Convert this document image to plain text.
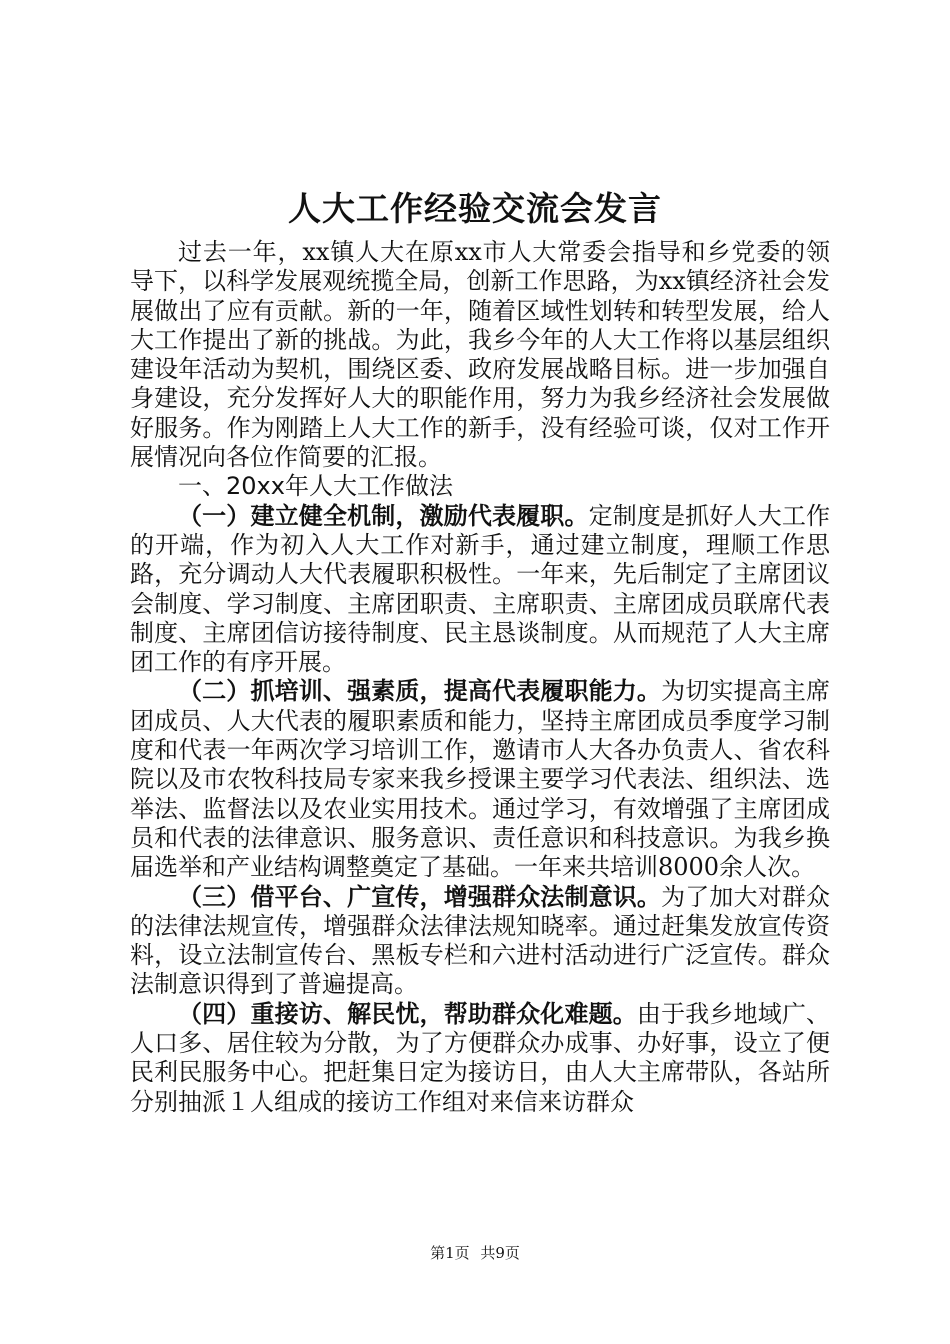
人大工作经验交流会发言

过去一年，xx镇人大在原xx市人大常委会指导和乡党委的领导下，以科学发展观统揽全局，创新工作思路，为xx镇经济社会发展做出了应有贡献。新的一年，随着区域性划转和转型发展，给人大工作提出了新的挑战。为此，我乡今年的人大工作将以基层组织建设年活动为契机，围绕区委、政府发展战略目标。进一步加强自身建设，充分发挥好人大的职能作用，努力为我乡经济社会发展做好服务。作为刚踏上人大工作的新手，没有经验可谈，仅对工作开展情况向各位作简要的汇报。

一、20xx年人大工作做法

（一）建立健全机制，激励代表履职。定制度是抓好人大工作的开端，作为初入人大工作对新手，通过建立制度，理顺工作思路，充分调动人大代表履职积极性。一年来，先后制定了主席团议会制度、学习制度、主席团职责、主席职责、主席团成员联席代表制度、主席团信访接待制度、民主恳谈制度。从而规范了人大主席团工作的有序开展。

（二）抓培训、强素质，提高代表履职能力。为切实提高主席团成员、人大代表的履职素质和能力，坚持主席团成员季度学习制度和代表一年两次学习培训工作，邀请市人大各办负责人、省农科院以及市农牧科技局专家来我乡授课主要学习代表法、组织法、选举法、监督法以及农业实用技术。通过学习，有效增强了主席团成员和代表的法律意识、服务意识、责任意识和科技意识。为我乡换届选举和产业结构调整奠定了基础。一年来共培训8000余人次。

（三）借平台、广宣传，增强群众法制意识。为了加大对群众的法律法规宣传，增强群众法律法规知晓率。通过赶集发放宣传资料，设立法制宣传台、黑板专栏和六进村活动进行广泛宣传。群众法制意识得到了普遍提高。

（四）重接访、解民忧，帮助群众化难题。由于我乡地域广、人口多、居住较为分散，为了方便群众办成事、办好事，设立了便民利民服务中心。把赶集日定为接访日，由人大主席带队，各站所分别抽派１人组成的接访工作组对来信来访群众

第1页 共9页
